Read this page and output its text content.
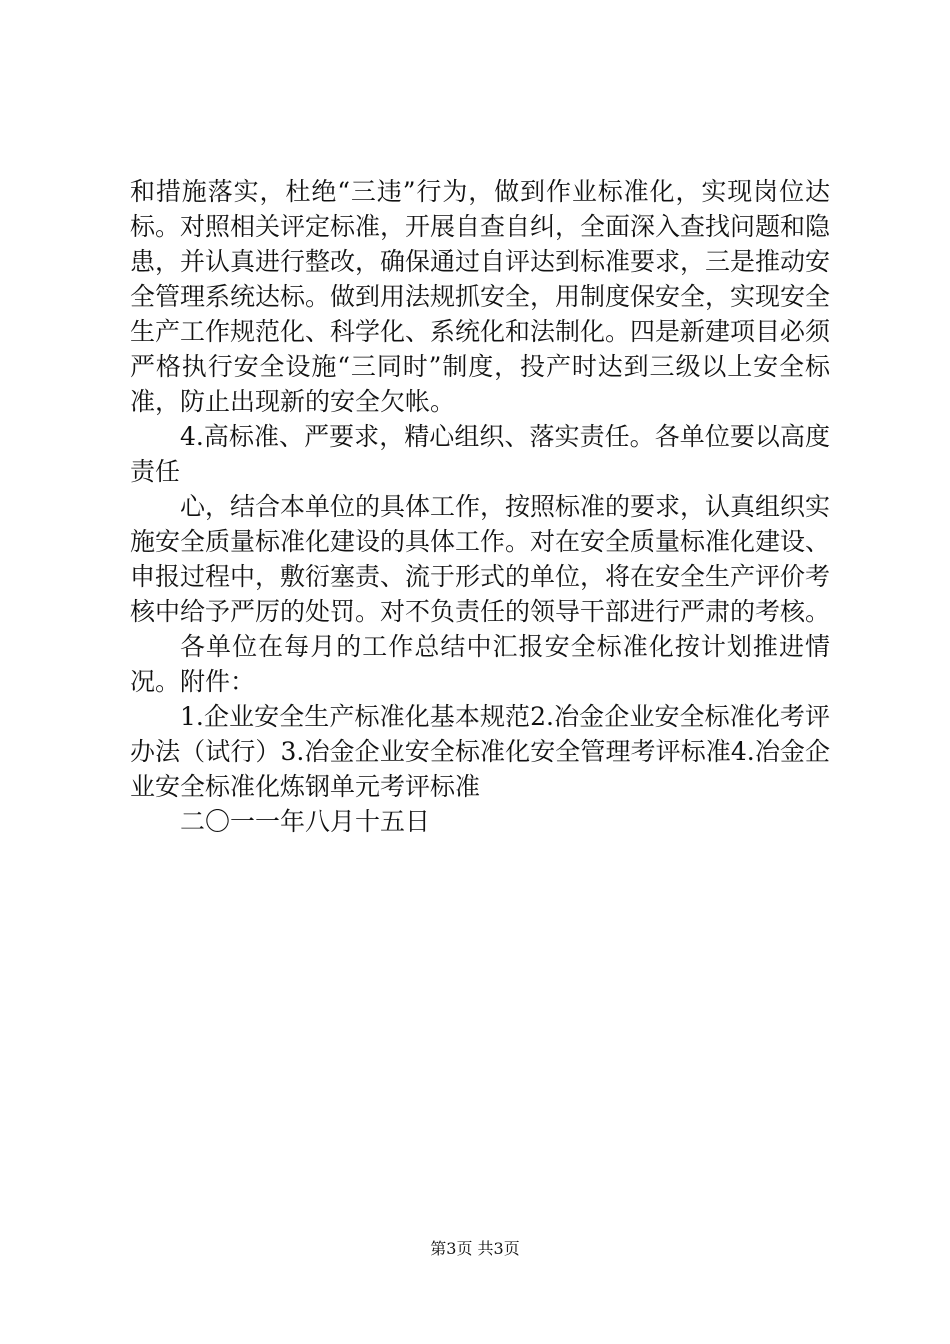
和措施落实，杜绝“三违”行为，做到作业标准化，实现岗位达标。对照相关评定标准，开展自查自纠，全面深入查找问题和隐患，并认真进行整改，确保通过自评达到标准要求，三是推动安全管理系统达标。做到用法规抓安全，用制度保安全，实现安全生产工作规范化、科学化、系统化和法制化。四是新建项目必须严格执行安全设施“三同时”制度，投产时达到三级以上安全标准，防止出现新的安全欠帐。

4.高标准、严要求，精心组织、落实责任。各单位要以高度责任

心，结合本单位的具体工作，按照标准的要求，认真组织实施安全质量标准化建设的具体工作。对在安全质量标准化建设、申报过程中，敷衍塞责、流于形式的单位，将在安全生产评价考核中给予严厉的处罚。对不负责任的领导干部进行严肃的考核。

各单位在每月的工作总结中汇报安全标准化按计划推进情况。附件：

1.企业安全生产标准化基本规范2.冶金企业安全标准化考评办法（试行）3.冶金企业安全标准化安全管理考评标准4.冶金企业安全标准化炼钢单元考评标准

二〇一一年八月十五日

第3页 共3页
